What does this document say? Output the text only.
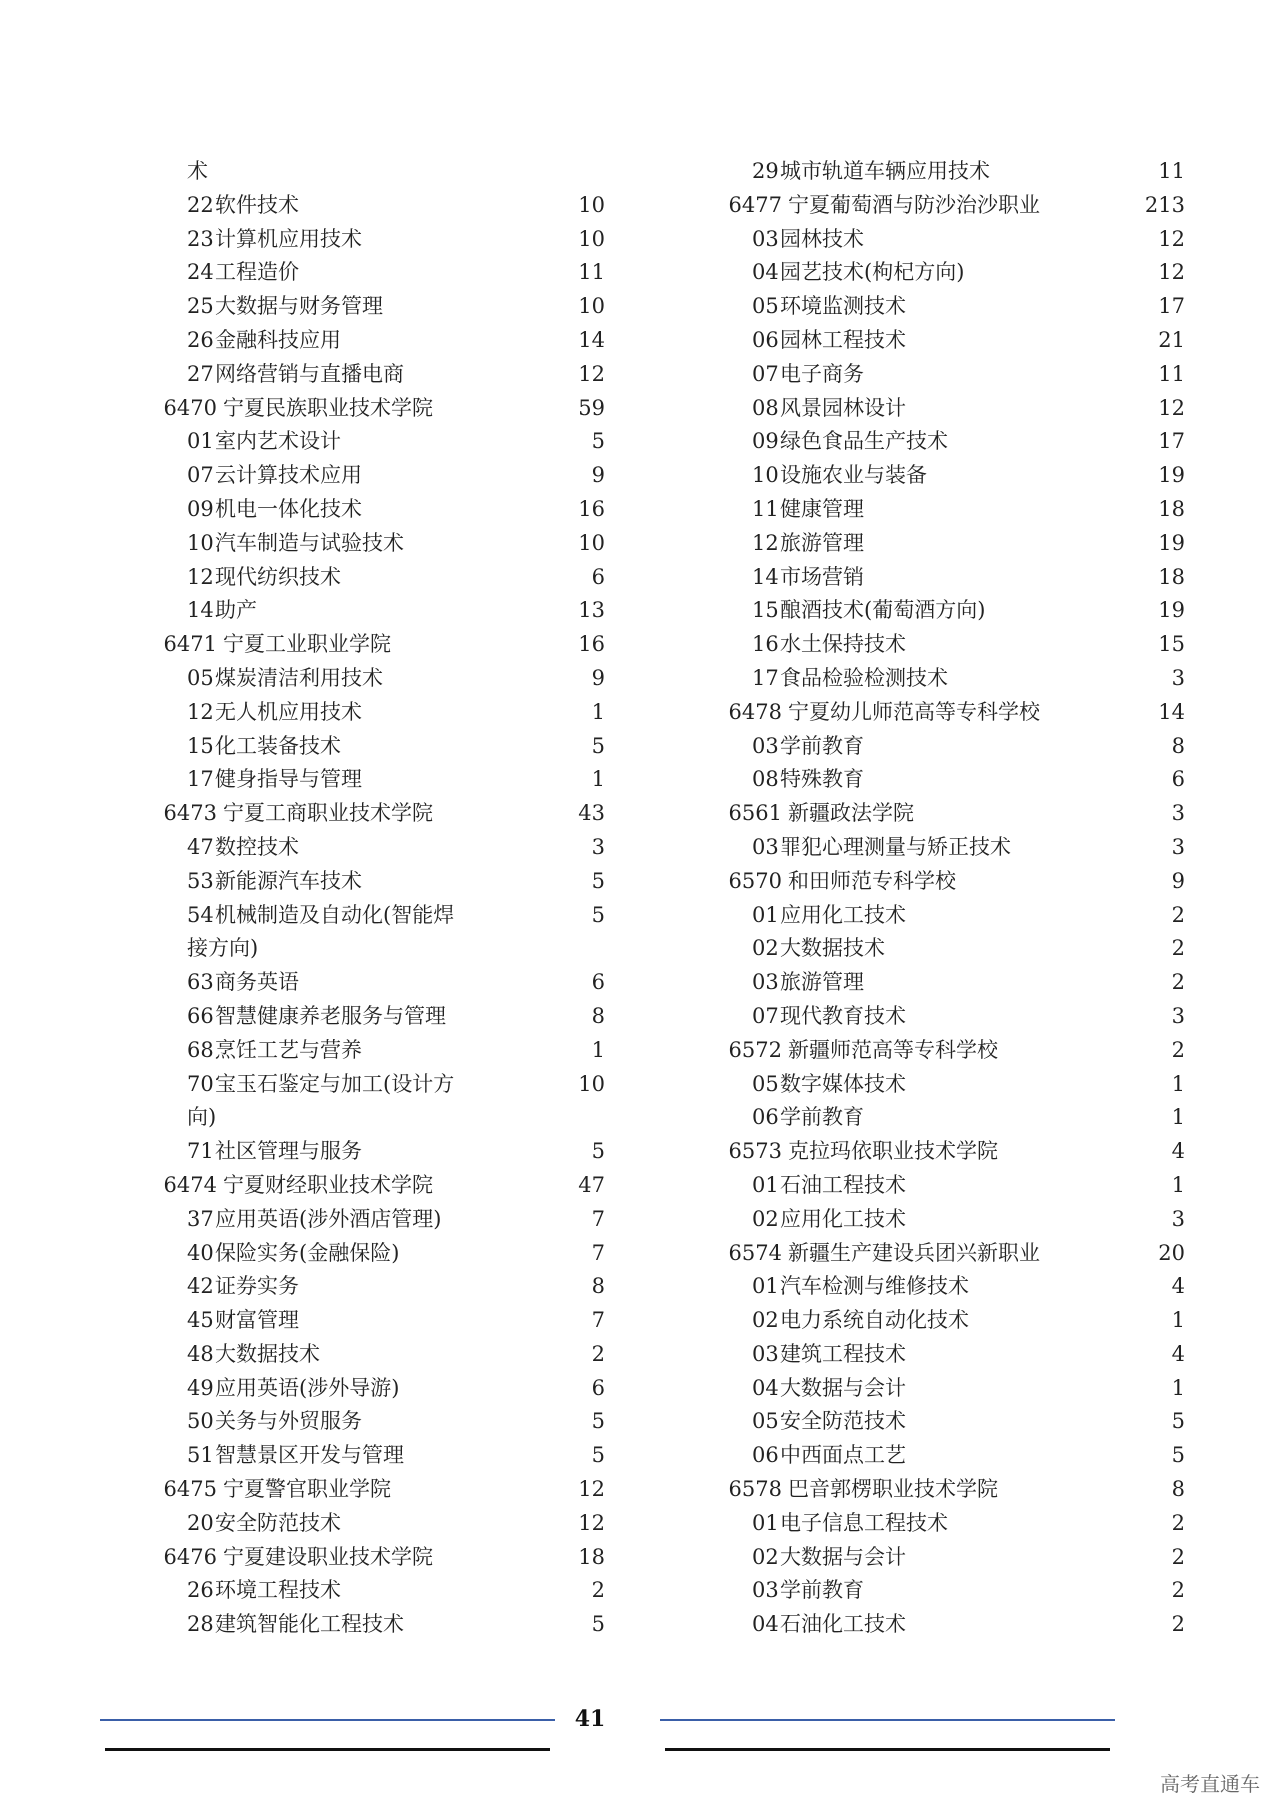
术
22 软件技术	10
23 计算机应用技术	10
24 工程造价	11
25 大数据与财务管理	10
26 金融科技应用	14
27 网络营销与直播电商	12
6470 宁夏民族职业技术学院	59
01 室内艺术设计	5
07 云计算技术应用	9
09 机电一体化技术	16
10 汽车制造与试验技术	10
12 现代纺织技术	6
14 助产	13
6471 宁夏工业职业学院	16
05 煤炭清洁利用技术	9
12 无人机应用技术	1
15 化工装备技术	5
17 健身指导与管理	1
6473 宁夏工商职业技术学院	43
47 数控技术	3
53 新能源汽车技术	5
54 机械制造及自动化(智能焊	5
接方向)
63 商务英语	6
66 智慧健康养老服务与管理	8
68 烹饪工艺与营养	1
70 宝玉石鉴定与加工(设计方	10
向)
71 社区管理与服务	5
6474 宁夏财经职业技术学院	47
37 应用英语(涉外酒店管理)	7
40 保险实务(金融保险)	7
42 证券实务	8
45 财富管理	7
48 大数据技术	2
49 应用英语(涉外导游)	6
50 关务与外贸服务	5
51 智慧景区开发与管理	5
6475 宁夏警官职业学院	12
20 安全防范技术	12
6476 宁夏建设职业技术学院	18
26 环境工程技术	2
28 建筑智能化工程技术	5
29 城市轨道车辆应用技术	11
6477 宁夏葡萄酒与防沙治沙职业	213
03 园林技术	12
04 园艺技术(枸杞方向)	12
05 环境监测技术	17
06 园林工程技术	21
07 电子商务	11
08 风景园林设计	12
09 绿色食品生产技术	17
10 设施农业与装备	19
11 健康管理	18
12 旅游管理	19
14 市场营销	18
15 酿酒技术(葡萄酒方向)	19
16 水土保持技术	15
17 食品检验检测技术	3
6478 宁夏幼儿师范高等专科学校	14
03 学前教育	8
08 特殊教育	6
6561 新疆政法学院	3
03 罪犯心理测量与矫正技术	3
6570 和田师范专科学校	9
01 应用化工技术	2
02 大数据技术	2
03 旅游管理	2
07 现代教育技术	3
6572 新疆师范高等专科学校	2
05 数字媒体技术	1
06 学前教育	1
6573 克拉玛依职业技术学院	4
01 石油工程技术	1
02 应用化工技术	3
6574 新疆生产建设兵团兴新职业	20
01 汽车检测与维修技术	4
02 电力系统自动化技术	1
03 建筑工程技术	4
04 大数据与会计	1
05 安全防范技术	5
06 中西面点工艺	5
6578 巴音郭楞职业技术学院	8
01 电子信息工程技术	2
02 大数据与会计	2
03 学前教育	2
04 石油化工技术	2
41
高考直通车
